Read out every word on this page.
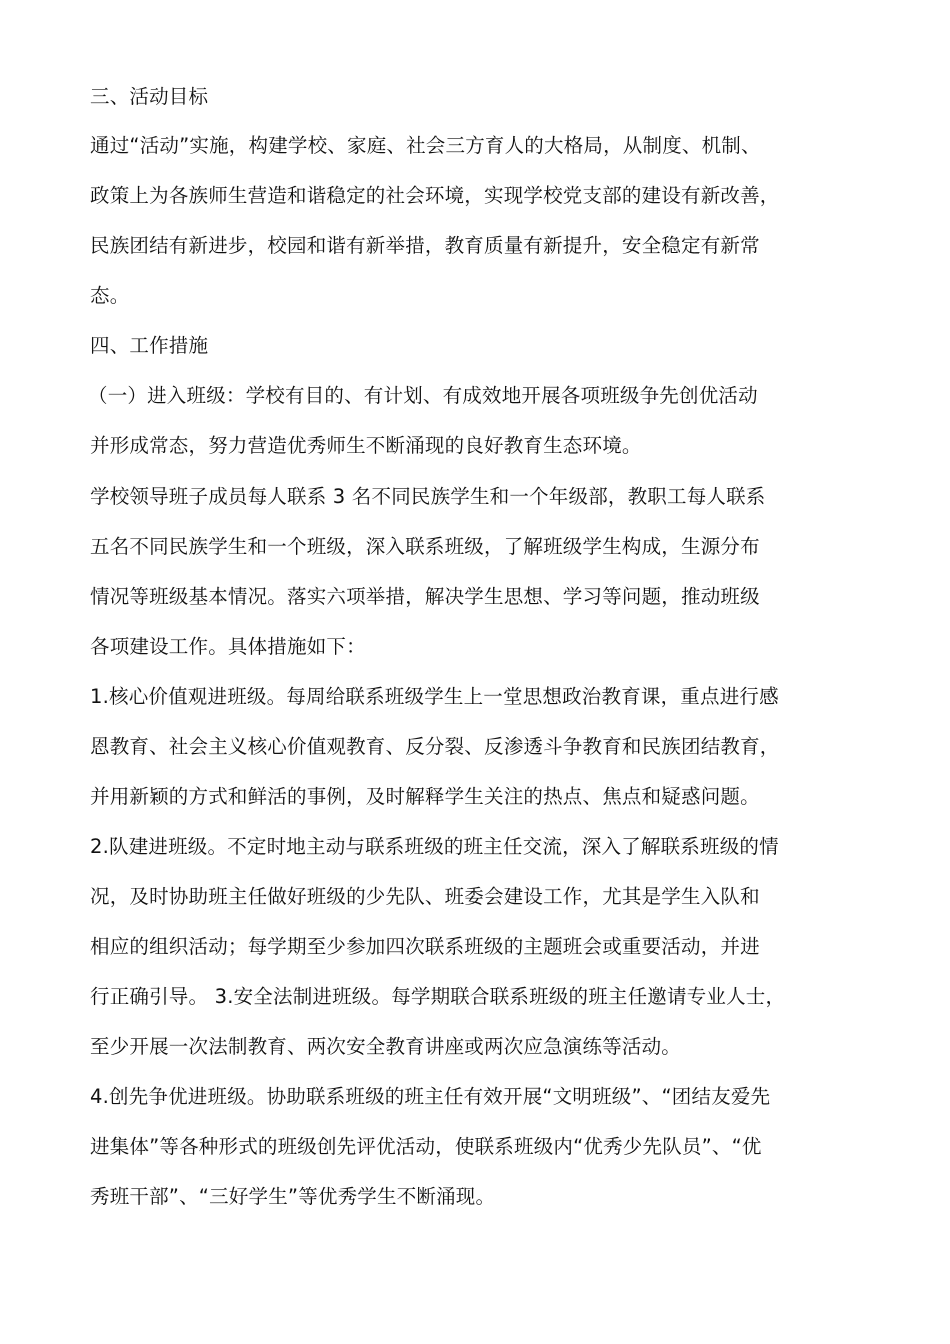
三、活动目标
通过“活动”实施，构建学校、家庭、社会三方育人的大格局，从制度、机制、
政策上为各族师生营造和谐稳定的社会环境，实现学校党支部的建设有新改善，
民族团结有新进步，校园和谐有新举措，教育质量有新提升，安全稳定有新常
态。
四、工作措施
（一）进入班级：学校有目的、有计划、有成效地开展各项班级争先创优活动
并形成常态，努力营造优秀师生不断涌现的良好教育生态环境。
学校领导班子成员每人联系 3 名不同民族学生和一个年级部，教职工每人联系
五名不同民族学生和一个班级，深入联系班级，了解班级学生构成，生源分布
情况等班级基本情况。落实六项举措，解决学生思想、学习等问题，推动班级
各项建设工作。具体措施如下：
1.核心价值观进班级。每周给联系班级学生上一堂思想政治教育课，重点进行感
恩教育、社会主义核心价值观教育、反分裂、反渗透斗争教育和民族团结教育，
并用新颖的方式和鲜活的事例，及时解释学生关注的热点、焦点和疑惑问题。
2.队建进班级。不定时地主动与联系班级的班主任交流，深入了解联系班级的情
况，及时协助班主任做好班级的少先队、班委会建设工作，尤其是学生入队和
相应的组织活动；每学期至少参加四次联系班级的主题班会或重要活动，并进
行正确引导。 3.安全法制进班级。每学期联合联系班级的班主任邀请专业人士，
至少开展一次法制教育、两次安全教育讲座或两次应急演练等活动。
4.创先争优进班级。协助联系班级的班主任有效开展“文明班级”、“团结友爱先
进集体”等各种形式的班级创先评优活动，使联系班级内“优秀少先队员”、“优
秀班干部”、“三好学生”等优秀学生不断涌现。
